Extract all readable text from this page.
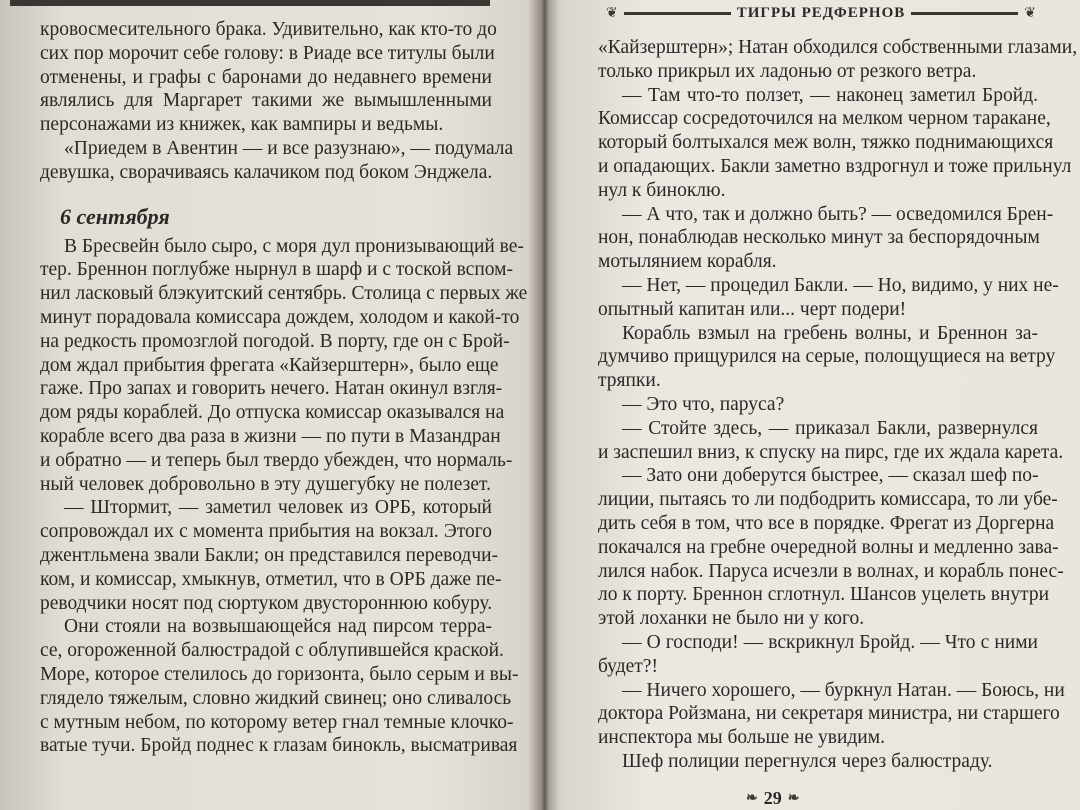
кровосмесительного брака. Удивительно, как кто-то до
сих пор морочит себе голову: в Риаде все титулы были
отменены, и графы с баронами до недавнего времени
являлись для Маргарет такими же вымышленными
персонажами из книжек, как вампиры и ведьмы.
«Приедем в Авентин — и все разузнаю», — подумала
девушка, сворачиваясь калачиком под боком Энджела.
6 сентября
В Бресвейн было сыро, с моря дул пронизывающий ве-
тер. Бреннон поглубже нырнул в шарф и с тоской вспом-
нил ласковый блэкуитский сентябрь. Столица с первых же
минут порадовала комиссара дождем, холодом и какой-то
на редкость промозглой погодой. В порту, где он с Брой-
дом ждал прибытия фрегата «Кайзерштерн», было еще
гаже. Про запах и говорить нечего. Натан окинул взгля-
дом ряды кораблей. До отпуска комиссар оказывался на
корабле всего два раза в жизни — по пути в Мазандран
и обратно — и теперь был твердо убежден, что нормаль-
ный человек добровольно в эту душегубку не полезет.
— Штормит, — заметил человек из ОРБ, который
сопровождал их с момента прибытия на вокзал. Этого
джентльмена звали Бакли; он представился переводчи-
ком, и комиссар, хмыкнув, отметил, что в ОРБ даже пе-
реводчики носят под сюртуком двустороннюю кобуру.
Они стояли на возвышающейся над пирсом терра-
се, огороженной балюстрадой с облупившейся краской.
Море, которое стелилось до горизонта, было серым и вы-
глядело тяжелым, словно жидкий свинец; оно сливалось
с мутным небом, по которому ветер гнал темные клочко-
ватые тучи. Бройд поднес к глазам бинокль, высматривая
❦	ТИГРЫ РЕДФЕРНОВ	❦
«Кайзерштерн»; Натан обходился собственными глазами,
только прикрыл их ладонью от резкого ветра.
— Там что-то ползет, — наконец заметил Бройд.
Комиссар сосредоточился на мелком черном таракане,
который болтыхался меж волн, тяжко поднимающихся
и опадающих. Бакли заметно вздрогнул и тоже прильнул
нул к биноклю.
— А что, так и должно быть? — осведомился Брен-
нон, понаблюдав несколько минут за беспорядочным
мотылянием корабля.
— Нет, — процедил Бакли. — Но, видимо, у них не-
опытный капитан или... черт подери!
Корабль взмыл на гребень волны, и Бреннон за-
думчиво прищурился на серые, полощущиеся на ветру
тряпки.
— Это что, паруса?
— Стойте здесь, — приказал Бакли, развернулся
и заспешил вниз, к спуску на пирс, где их ждала карета.
— Зато они доберутся быстрее, — сказал шеф по-
лиции, пытаясь то ли подбодрить комиссара, то ли убе-
дить себя в том, что все в порядке. Фрегат из Доргерна
покачался на гребне очередной волны и медленно зава-
лился набок. Паруса исчезли в волнах, и корабль понес-
ло к порту. Бреннон сглотнул. Шансов уцелеть внутри
этой лоханки не было ни у кого.
— О господи! — вскрикнул Бройд. — Что с ними
будет?!
— Ничего хорошего, — буркнул Натан. — Боюсь, ни
доктора Ройзмана, ни секретаря министра, ни старшего
инспектора мы больше не увидим.
Шеф полиции перегнулся через балюстраду.
❧ 29 ❧
